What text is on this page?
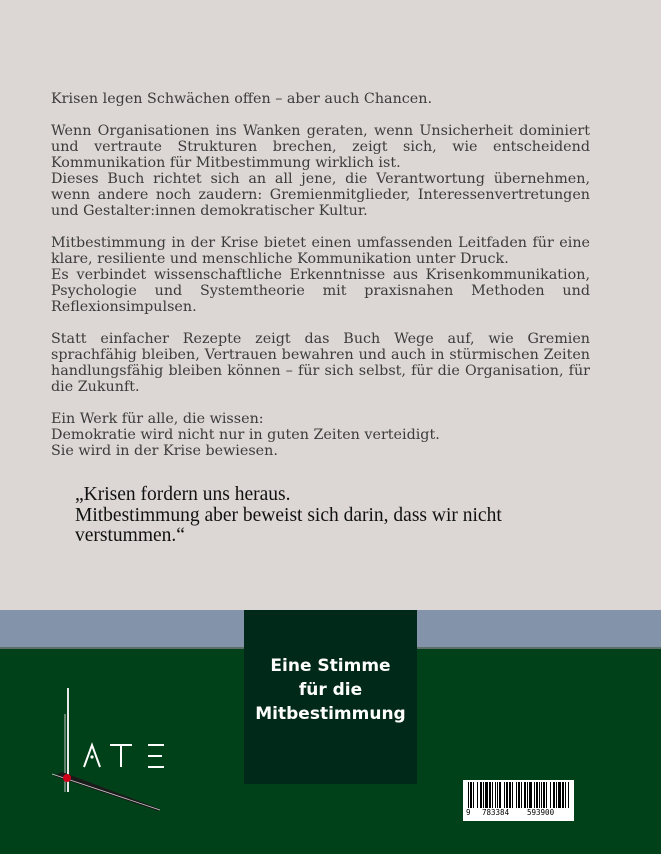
Krisen legen Schwächen offen – aber auch Chancen.

Wenn Organisationen ins Wanken geraten, wenn Unsicherheit dominiert und vertraute Strukturen brechen, zeigt sich, wie entscheidend Kommunikation für Mitbestimmung wirklich ist.

Dieses Buch richtet sich an all jene, die Verantwortung übernehmen, wenn andere noch zaudern: Gremienmitglieder, Interessenvertretungen und Gestalter:innen demokratischer Kultur.

Mitbestimmung in der Krise bietet einen umfassenden Leitfaden für eine klare, resiliente und menschliche Kommunikation unter Druck.

Es verbindet wissenschaftliche Erkenntnisse aus Krisenkommunikation, Psychologie und Systemtheorie mit praxisnahen Methoden und Reflexionsimpulsen.

Statt einfacher Rezepte zeigt das Buch Wege auf, wie Gremien sprachfähig bleiben, Vertrauen bewahren und auch in stürmischen Zeiten handlungsfähig bleiben können – für sich selbst, für die Organisation, für die Zukunft.

Ein Werk für alle, die wissen:

Demokratie wird nicht nur in guten Zeiten verteidigt.

Sie wird in der Krise bewiesen.

„Krisen fordern uns heraus.

Mitbestimmung aber beweist sich darin, dass wir nicht verstummen.“

Eine Stimme
für die
Mitbestimmung
9 783384 593900
